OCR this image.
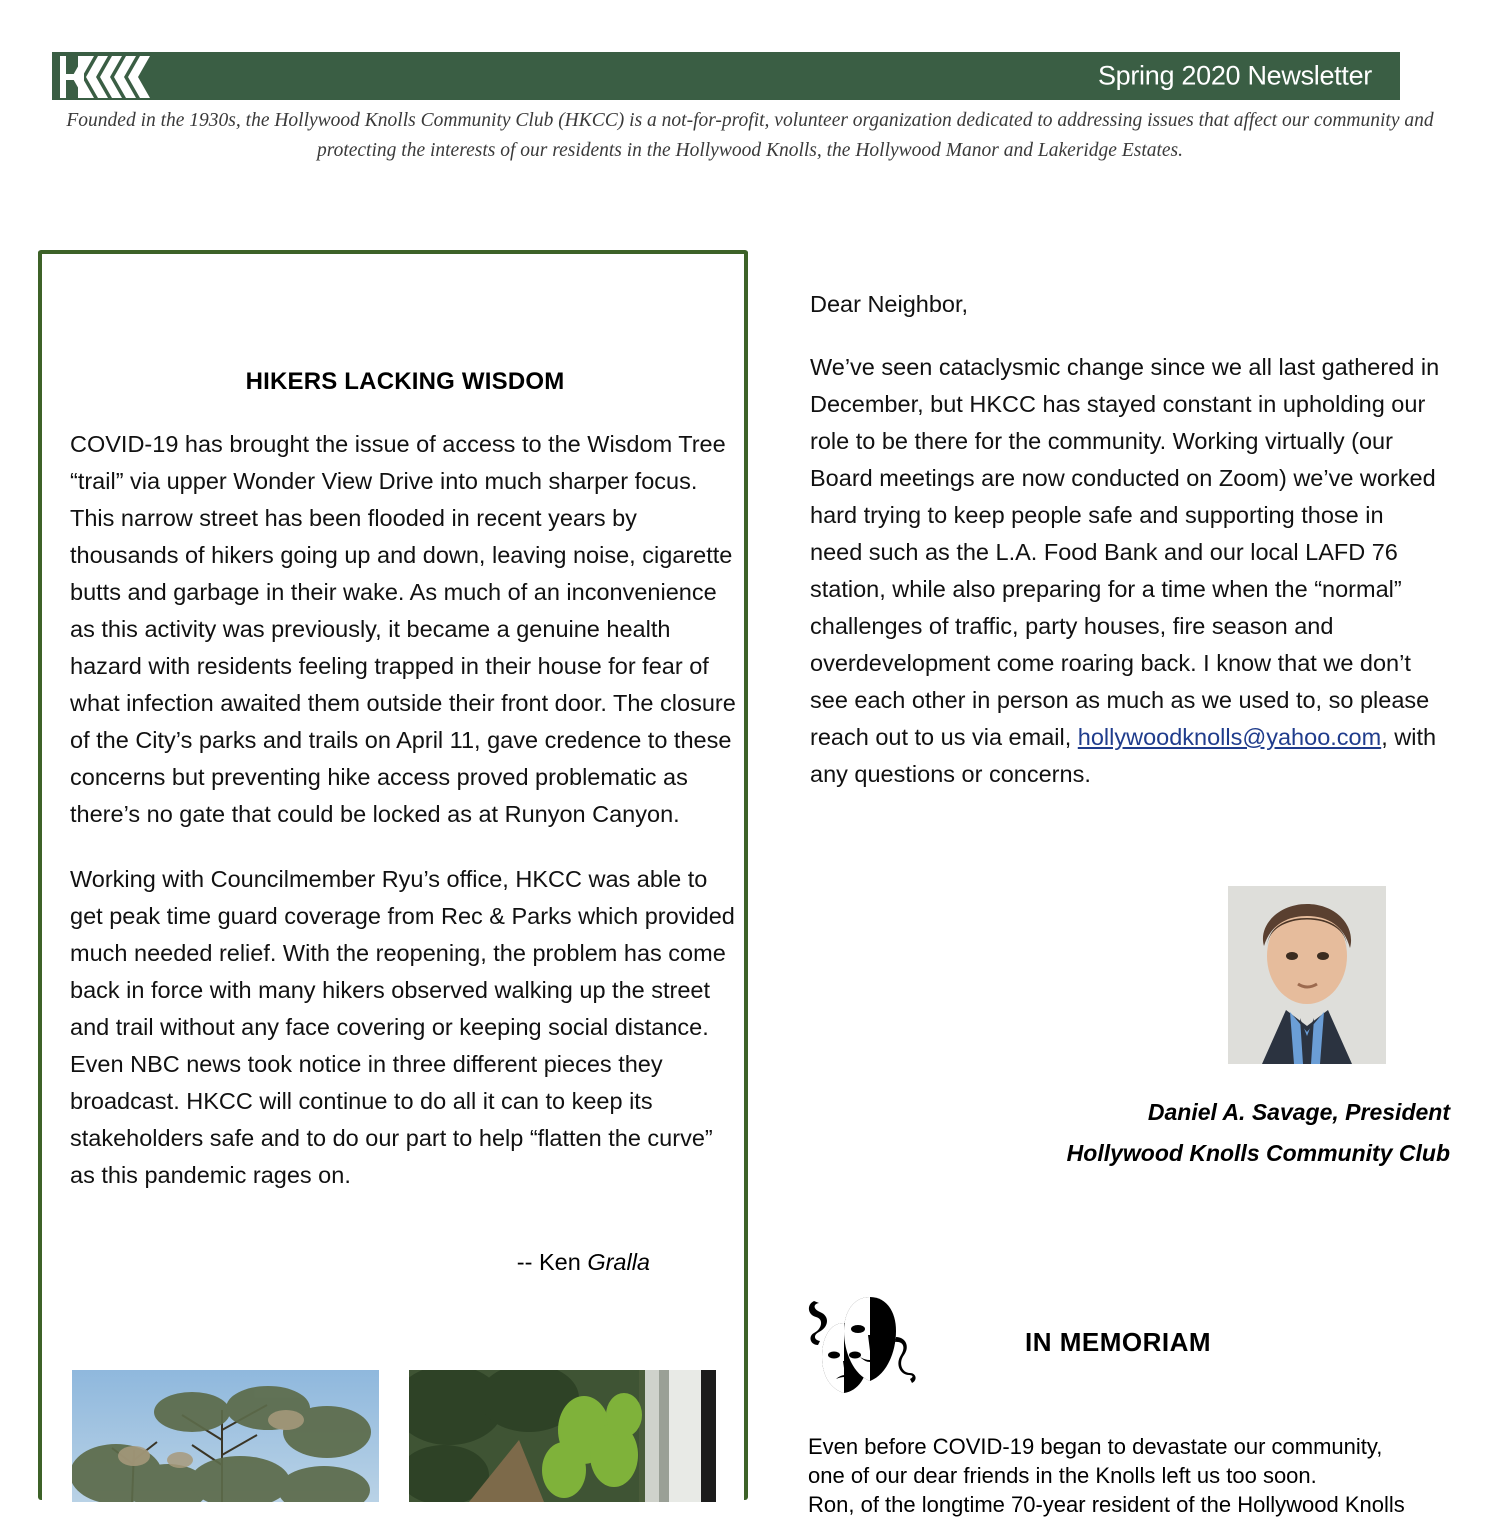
Spring 2020 Newsletter
Founded in the 1930s, the Hollywood Knolls Community Club (HKCC) is a not-for-profit, volunteer organization dedicated to addressing issues that affect our community and protecting the interests of our residents in the Hollywood Knolls, the Hollywood Manor and Lakeridge Estates.
HIKERS LACKING WISDOM

COVID-19 has brought the issue of access to the Wisdom Tree “trail” via upper Wonder View Drive into much sharper focus. This narrow street has been flooded in recent years by thousands of hikers going up and down, leaving noise, cigarette butts and garbage in their wake. As much of an inconvenience as this activity was previously, it became a genuine health hazard with residents feeling trapped in their house for fear of what infection awaited them outside their front door. The closure of the City’s parks and trails on April 11, gave credence to these concerns but preventing hike access proved problematic as there’s no gate that could be locked as at Runyon Canyon.

Working with Councilmember Ryu’s office, HKCC was able to get peak time guard coverage from Rec & Parks which provided much needed relief. With the reopening, the problem has come back in force with many hikers observed walking up the street and trail without any face covering or keeping social distance. Even NBC news took notice in three different pieces they broadcast. HKCC will continue to do all it can to keep its stakeholders safe and to do our part to help “flatten the curve” as this pandemic rages on.

-- Ken Gralla

Dear Neighbor,

We’ve seen cataclysmic change since we all last gathered in December, but HKCC has stayed constant in upholding our role to be there for the community. Working virtually (our Board meetings are now conducted on Zoom) we’ve worked hard trying to keep people safe and supporting those in need such as the L.A. Food Bank and our local LAFD 76 station, while also preparing for a time when the “normal” challenges of traffic, party houses, fire season and overdevelopment come roaring back. I know that we don’t see each other in person as much as we used to, so please reach out to us via email, hollywoodknolls@yahoo.com, with any questions or concerns.

Daniel A. Savage, President
Hollywood Knolls Community Club
IN MEMORIAM

Even before COVID-19 began to devastate our community,

one of our dear friends in the Knolls left us too soon.

Ron, of the longtime 70-year resident of the Hollywood Knolls
